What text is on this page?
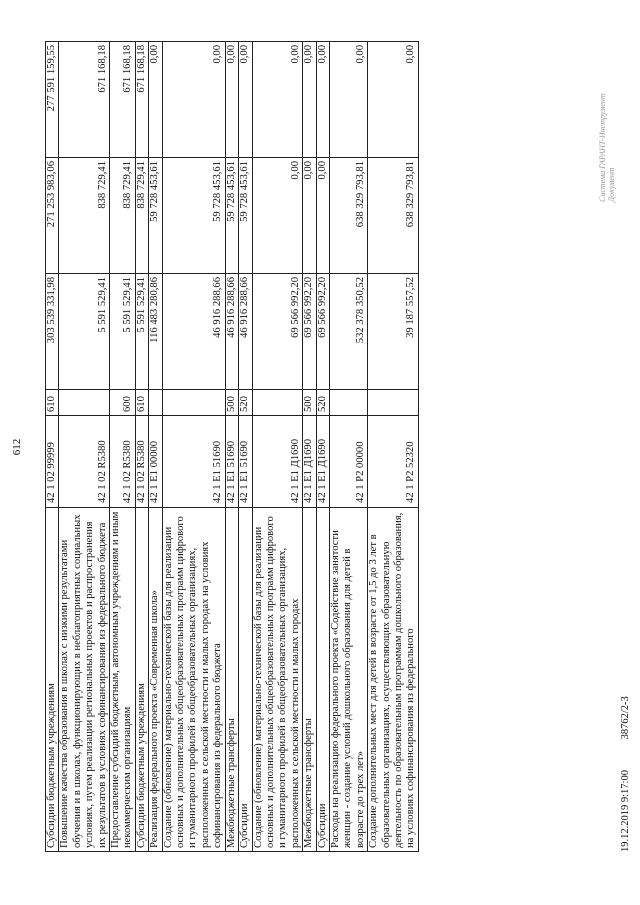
612
Субсидии бюджетным учреждениям	42 1 02 99999	610	303 539 331,98	271 253 983,06	277 591 159,55
Повышение качества образования в школах с низкими результатами обучения и в школах, функционирующих в неблагоприятных социальных условиях, путем реализации региональных проектов и распространения их результатов в условиях софинансирования из федерального бюджета	42 1 02 R5380		5 591 529,41	838 729,41	671 168,18
Предоставление субсидий бюджетным, автономным учреждениям и иным некоммерческим организациям	42 1 02 R5380	600	5 591 529,41	838 729,41	671 168,18
Субсидии бюджетным учреждениям	42 1 02 R5380	610	5 591 529,41	838 729,41	671 168,18
Реализация федерального проекта «Современная школа»	42 1 E1 00000		116 483 280,86	59 728 453,61	0,00
Создание (обновление) материально-технической базы для реализации основных и дополнительных общеобразовательных программ цифрового и гуманитарного профилей в общеобразовательных организациях, расположенных в сельской местности и малых городах на условиях софинансирования из федерального бюджета	42 1 E1 51690		46 916 288,66	59 728 453,61	0,00
Межбюджетные трансферты	42 1 E1 51690	500	46 916 288,66	59 728 453,61	0,00
Субсидии	42 1 E1 51690	520	46 916 288,66	59 728 453,61	0,00
Создание (обновление) материально-технической базы для реализации основных и дополнительных общеобразовательных программ цифрового и гуманитарного профилей в общеобразовательных организациях, расположенных в сельской местности и малых городах	42 1 E1 Д1690		69 566 992,20	0,00	0,00
Межбюджетные трансферты	42 1 E1 Д1690	500	69 566 992,20	0,00	0,00
Субсидии	42 1 E1 Д1690	520	69 566 992,20	0,00	0,00
Расходы на реализацию федерального проекта «Содействие занятости женщин - создание условий дошкольного образования для детей в возрасте до трех лет»	42 1 P2 00000		532 378 350,52	638 329 793,81	0,00
Создание дополнительных мест для детей в возрасте от 1,5 до 3 лет в образовательных организациях, осуществляющих образовательную деятельность по образовательным программам дошкольного образования, на условиях софинансирования из федерального	42 1 P2 52320		39 187 557,52	638 329 793,81	0,00
19.12.2019 9:17:00 38762/2-3
Система ГАРАНТ-Инструмент Документ
